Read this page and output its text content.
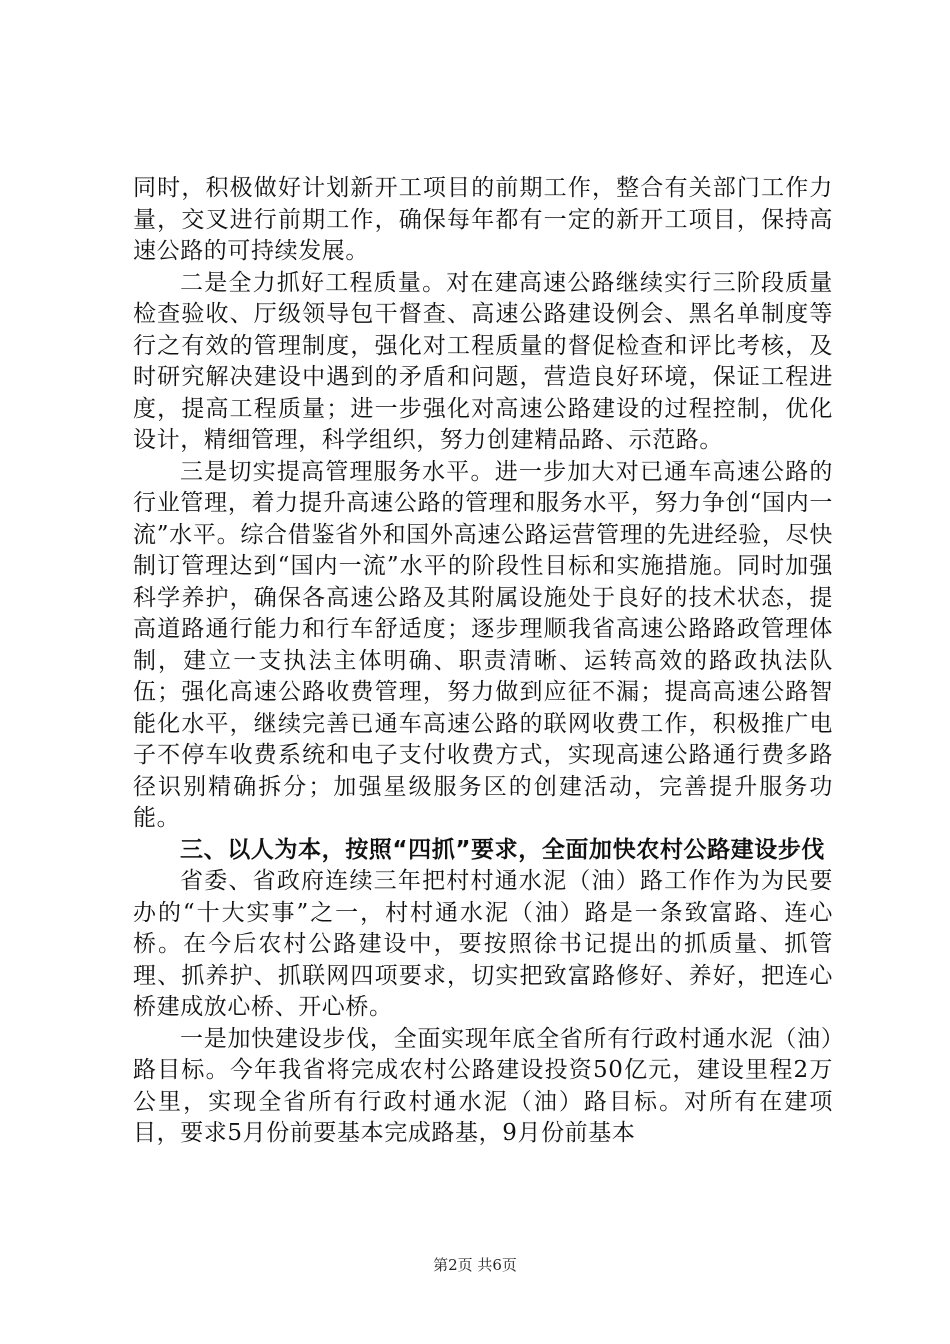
同时，积极做好计划新开工项目的前期工作，整合有关部门工作力量，交叉进行前期工作，确保每年都有一定的新开工项目，保持高速公路的可持续发展。

二是全力抓好工程质量。对在建高速公路继续实行三阶段质量检查验收、厅级领导包干督查、高速公路建设例会、黑名单制度等行之有效的管理制度，强化对工程质量的督促检查和评比考核，及时研究解决建设中遇到的矛盾和问题，营造良好环境，保证工程进度，提高工程质量；进一步强化对高速公路建设的过程控制，优化设计，精细管理，科学组织，努力创建精品路、示范路。

三是切实提高管理服务水平。进一步加大对已通车高速公路的行业管理，着力提升高速公路的管理和服务水平，努力争创“国内一流”水平。综合借鉴省外和国外高速公路运营管理的先进经验，尽快制订管理达到“国内一流”水平的阶段性目标和实施措施。同时加强科学养护，确保各高速公路及其附属设施处于良好的技术状态，提高道路通行能力和行车舒适度；逐步理顺我省高速公路路政管理体制，建立一支执法主体明确、职责清晰、运转高效的路政执法队伍；强化高速公路收费管理，努力做到应征不漏；提高高速公路智能化水平，继续完善已通车高速公路的联网收费工作，积极推广电子不停车收费系统和电子支付收费方式，实现高速公路通行费多路径识别精确拆分；加强星级服务区的创建活动，完善提升服务功能。

三、以人为本，按照“四抓”要求，全面加快农村公路建设步伐

省委、省政府连续三年把村村通水泥（油）路工作作为为民要办的“十大实事”之一，村村通水泥（油）路是一条致富路、连心桥。在今后农村公路建设中，要按照徐书记提出的抓质量、抓管理、抓养护、抓联网四项要求，切实把致富路修好、养好，把连心桥建成放心桥、开心桥。

一是加快建设步伐，全面实现年底全省所有行政村通水泥（油）路目标。今年我省将完成农村公路建设投资50亿元，建设里程2万公里，实现全省所有行政村通水泥（油）路目标。对所有在建项目，要求5月份前要基本完成路基，9月份前基本

第2页 共6页
